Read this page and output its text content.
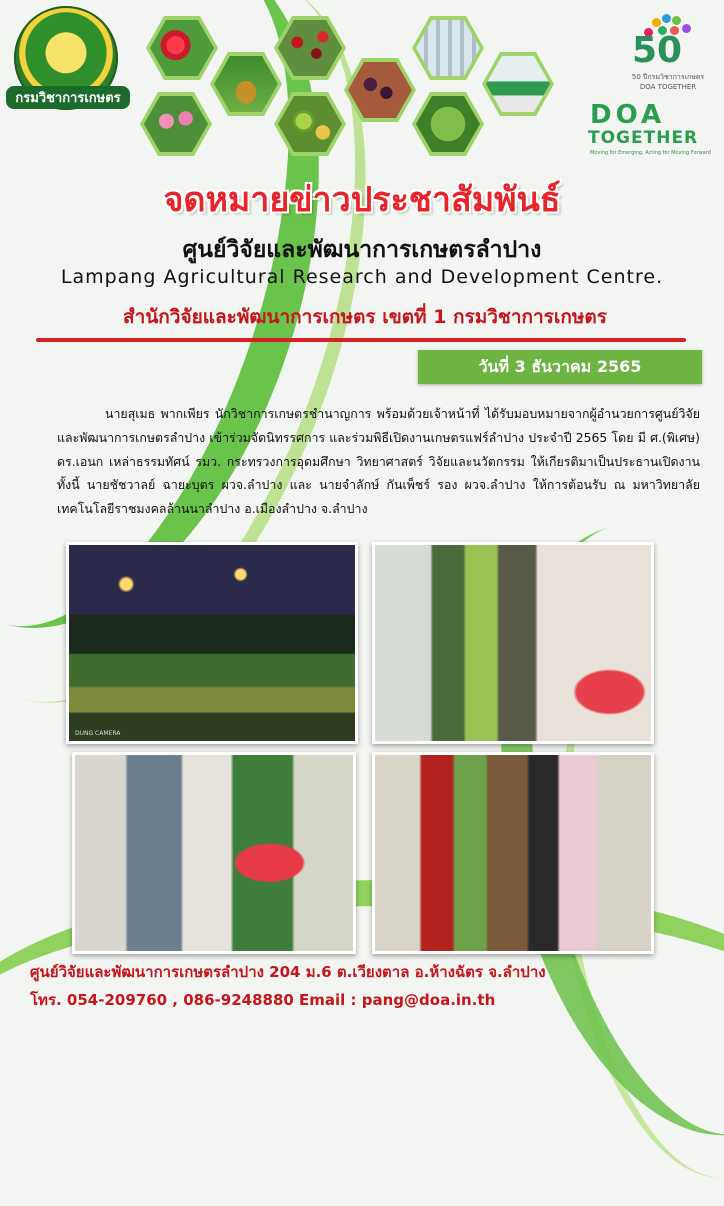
กรมวิชาการเกษตร
50
50 ปีกรมวิชาการเกษตร
DOA TOGETHER
DOA
TOGETHER
Moving for Emerging, Acting for Moving Forward
จดหมายข่าวประชาสัมพันธ์
ศูนย์วิจัยและพัฒนาการเกษตรลำปาง
Lampang Agricultural Research and Development Centre.
สำนักวิจัยและพัฒนาการเกษตร เขตที่ 1 กรมวิชาการเกษตร
วันที่ 3 ธันวาคม 2565

นายสุเมธ พากเพียร นักวิชาการเกษตรชำนาญการ พร้อมด้วยเจ้าหน้าที่ ได้รับมอบหมายจากผู้อำนวยการศูนย์วิจัยและพัฒนาการเกษตรลำปาง เข้าร่วมจัดนิทรรศการ และร่วมพิธีเปิดงานเกษตรแฟร์ลำปาง ประจำปี 2565 โดย มี ศ.(พิเศษ) ดร.เอนก เหล่าธรรมทัศน์ รมว. กระทรวงการอุดมศึกษา วิทยาศาสตร์ วิจัยและนวัตกรรม ให้เกียรติมาเป็นประธานเปิดงาน ทั้งนี้ นายชัชวาลย์ ฉายะบุตร ผวจ.ลำปาง และ นายจำลักษ์ กันเพ็ชร์ รอง ผวจ.ลำปาง ให้การต้อนรับ ณ มหาวิทยาลัยเทคโนโลยีราชมงคลล้านนาลำปาง อ.เมืองลำปาง จ.ลำปาง

DUNG CAMERA
ศูนย์วิจัยและพัฒนาการเกษตรลำปาง 204 ม.6 ต.เวียงตาล อ.ห้างฉัตร จ.ลำปาง
โทร. 054-209760 , 086-9248880 Email : pang@doa.in.th
